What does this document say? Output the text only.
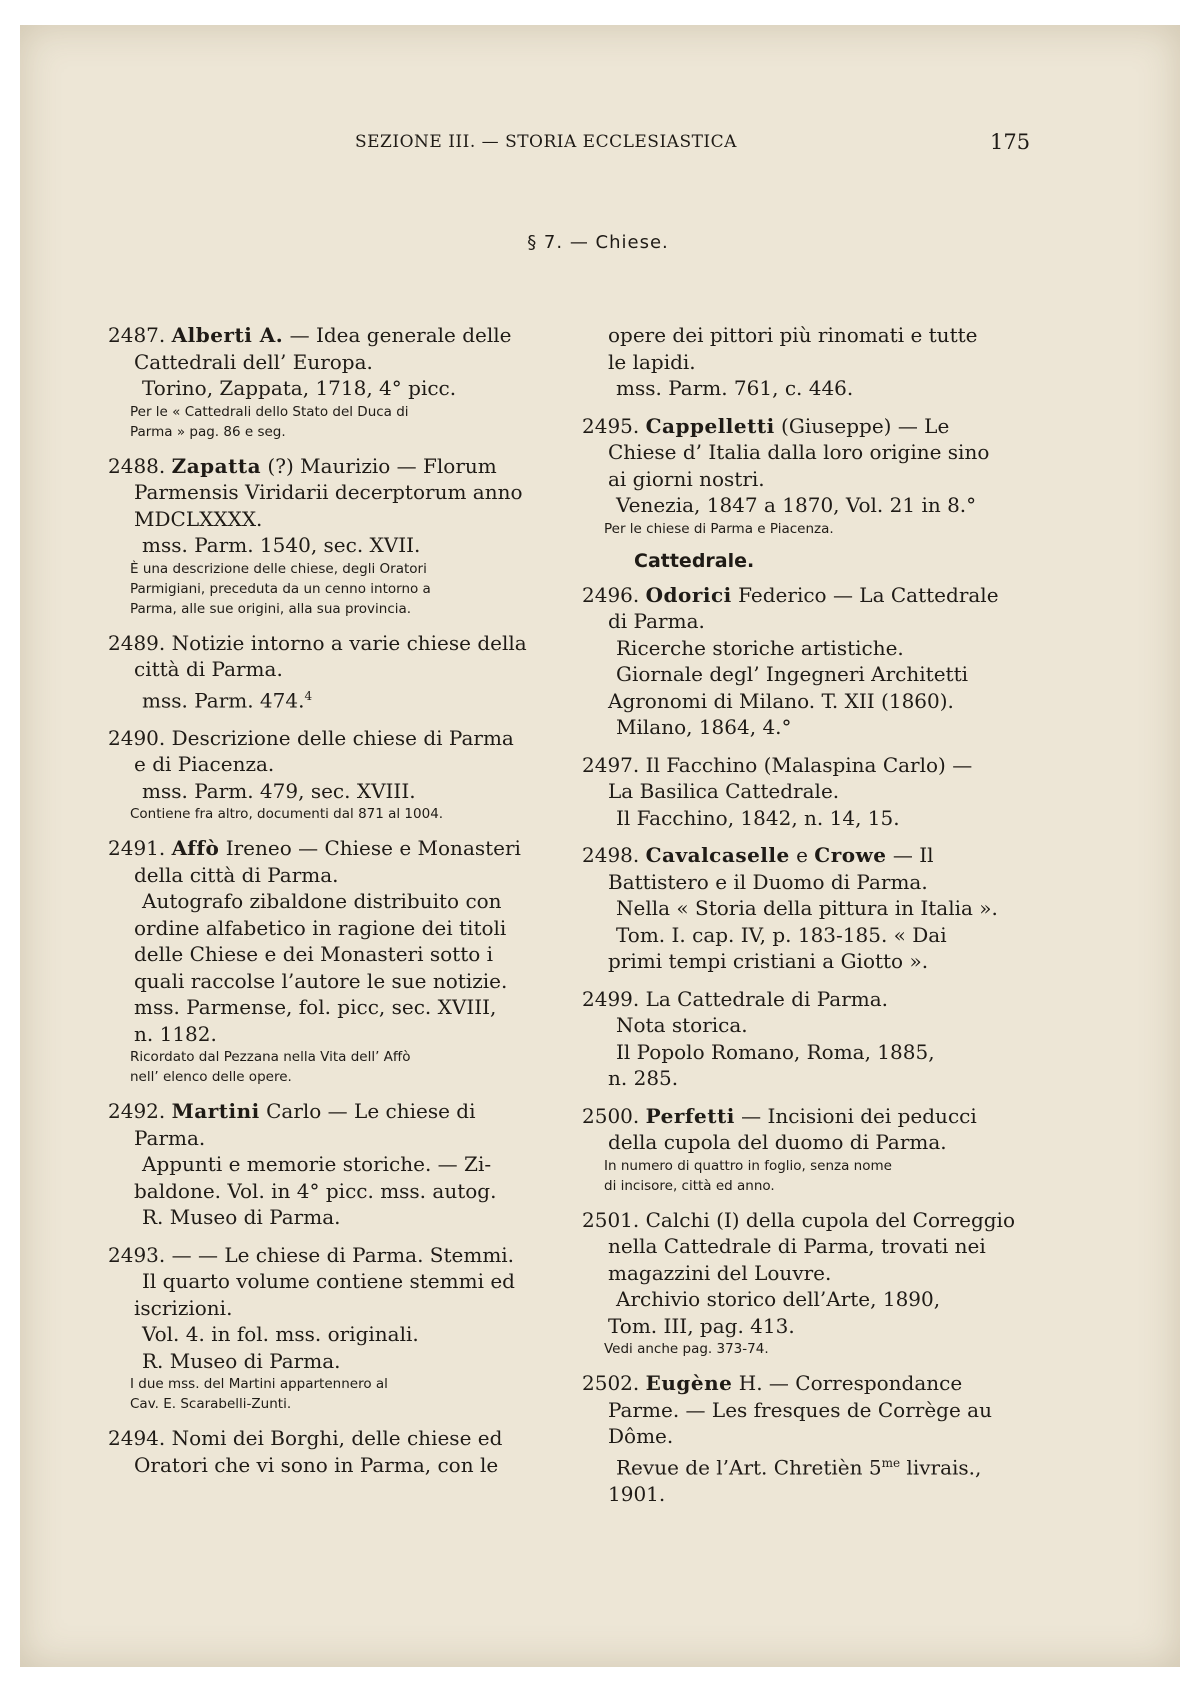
SEZIONE III. — STORIA ECCLESIASTICA	175
§ 7. — Chiese.
2487. Alberti A. — Idea generale delle
Cattedrali dell’ Europa.
Torino, Zappata, 1718, 4° picc.
Per le « Cattedrali dello Stato del Duca di
Parma » pag. 86 e seg.
2488. Zapatta (?) Maurizio — Florum
Parmensis Viridarii decerptorum anno
MDCLXXXX.
mss. Parm. 1540, sec. XVII.
È una descrizione delle chiese, degli Oratori
Parmigiani, preceduta da un cenno intorno a
Parma, alle sue origini, alla sua provincia.
2489. Notizie intorno a varie chiese della
città di Parma.
mss. Parm. 474.$^4$
2490. Descrizione delle chiese di Parma
e di Piacenza.
mss. Parm. 479, sec. XVIII.
Contiene fra altro, documenti dal 871 al 1004.
2491. Affò Ireneo — Chiese e Monasteri
della città di Parma.
Autografo zibaldone distribuito con
ordine alfabetico in ragione dei titoli
delle Chiese e dei Monasteri sotto i
quali raccolse l’autore le sue notizie.
mss. Parmense, fol. picc, sec. XVIII,
n. 1182.
Ricordato dal Pezzana nella Vita dell’ Affò
nell’ elenco delle opere.
2492. Martini Carlo — Le chiese di
Parma.
Appunti e memorie storiche. — Zi-
baldone. Vol. in 4° picc. mss. autog.
R. Museo di Parma.
2493. — — Le chiese di Parma. Stemmi.
Il quarto volume contiene stemmi ed
iscrizioni.
Vol. 4. in fol. mss. originali.
R. Museo di Parma.
I due mss. del Martini appartennero al
Cav. E. Scarabelli-Zunti.
2494. Nomi dei Borghi, delle chiese ed
Oratori che vi sono in Parma, con le
opere dei pittori più rinomati e tutte
le lapidi.
mss. Parm. 761, c. 446.
2495. Cappelletti (Giuseppe) — Le
Chiese d’ Italia dalla loro origine sino
ai giorni nostri.
Venezia, 1847 a 1870, Vol. 21 in 8.°
Per le chiese di Parma e Piacenza.
Cattedrale.
2496. Odorici Federico — La Cattedrale
di Parma.
Ricerche storiche artistiche.
Giornale degl’ Ingegneri Architetti
Agronomi di Milano. T. XII (1860).
Milano, 1864, 4.°
2497. Il Facchino (Malaspina Carlo) —
La Basilica Cattedrale.
Il Facchino, 1842, n. 14, 15.
2498. Cavalcaselle e Crowe — Il
Battistero e il Duomo di Parma.
Nella « Storia della pittura in Italia ».
Tom. I. cap. IV, p. 183-185. « Dai
primi tempi cristiani a Giotto ».
2499. La Cattedrale di Parma.
Nota storica.
Il Popolo Romano, Roma, 1885,
n. 285.
2500. Perfetti — Incisioni dei peducci
della cupola del duomo di Parma.
In numero di quattro in foglio, senza nome
di incisore, città ed anno.
2501. Calchi (I) della cupola del Correggio
nella Cattedrale di Parma, trovati nei
magazzini del Louvre.
Archivio storico dell’Arte, 1890,
Tom. III, pag. 413.
Vedi anche pag. 373-74.
2502. Eugène H. — Correspondance
Parme. — Les fresques de Corrège au
Dôme.
Revue de l’Art. Chretièn $5^{me}$ livrais.,
1901.
